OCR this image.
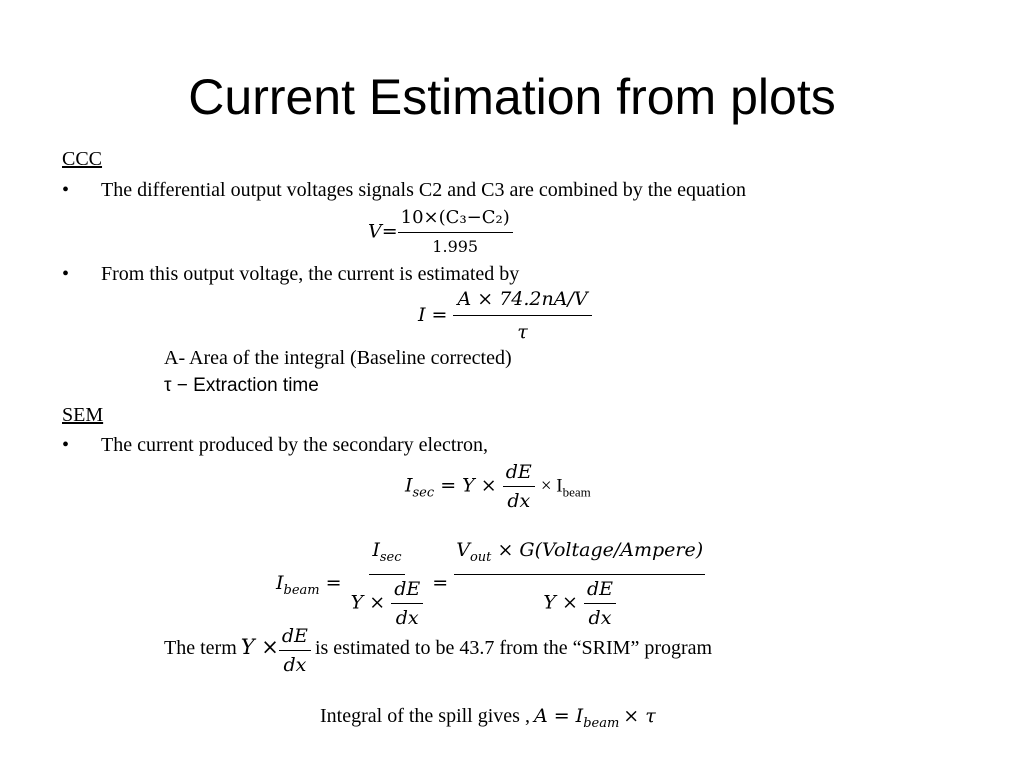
Current Estimation from plots
CCC
• The differential output voltages signals C2 and C3 are combined by the equation
$V= \frac{\text{10×(C₃−C₂)}}{1.995}$
• From this output voltage, the current is estimated by
$I = \frac{A \times 74.2nA/V}{\tau}$
A- Area of the integral (Baseline corrected)
τ − Extraction time
SEM
• The current produced by the secondary electron,
$I_{sec} = Y \times \frac{dE}{dx} \times I_{beam}$
$I_{beam} = \frac{I_{sec}}{Y \times \frac{dE}{dx}} = \frac{V_{out} \times G(Voltage/Ampere)}{Y \times \frac{dE}{dx}}$
The term $Y \times \frac{dE}{dx}$ is estimated to be 43.7 from the “SRIM” program
Integral of the spill gives , $A = I_{beam} \times \tau$
